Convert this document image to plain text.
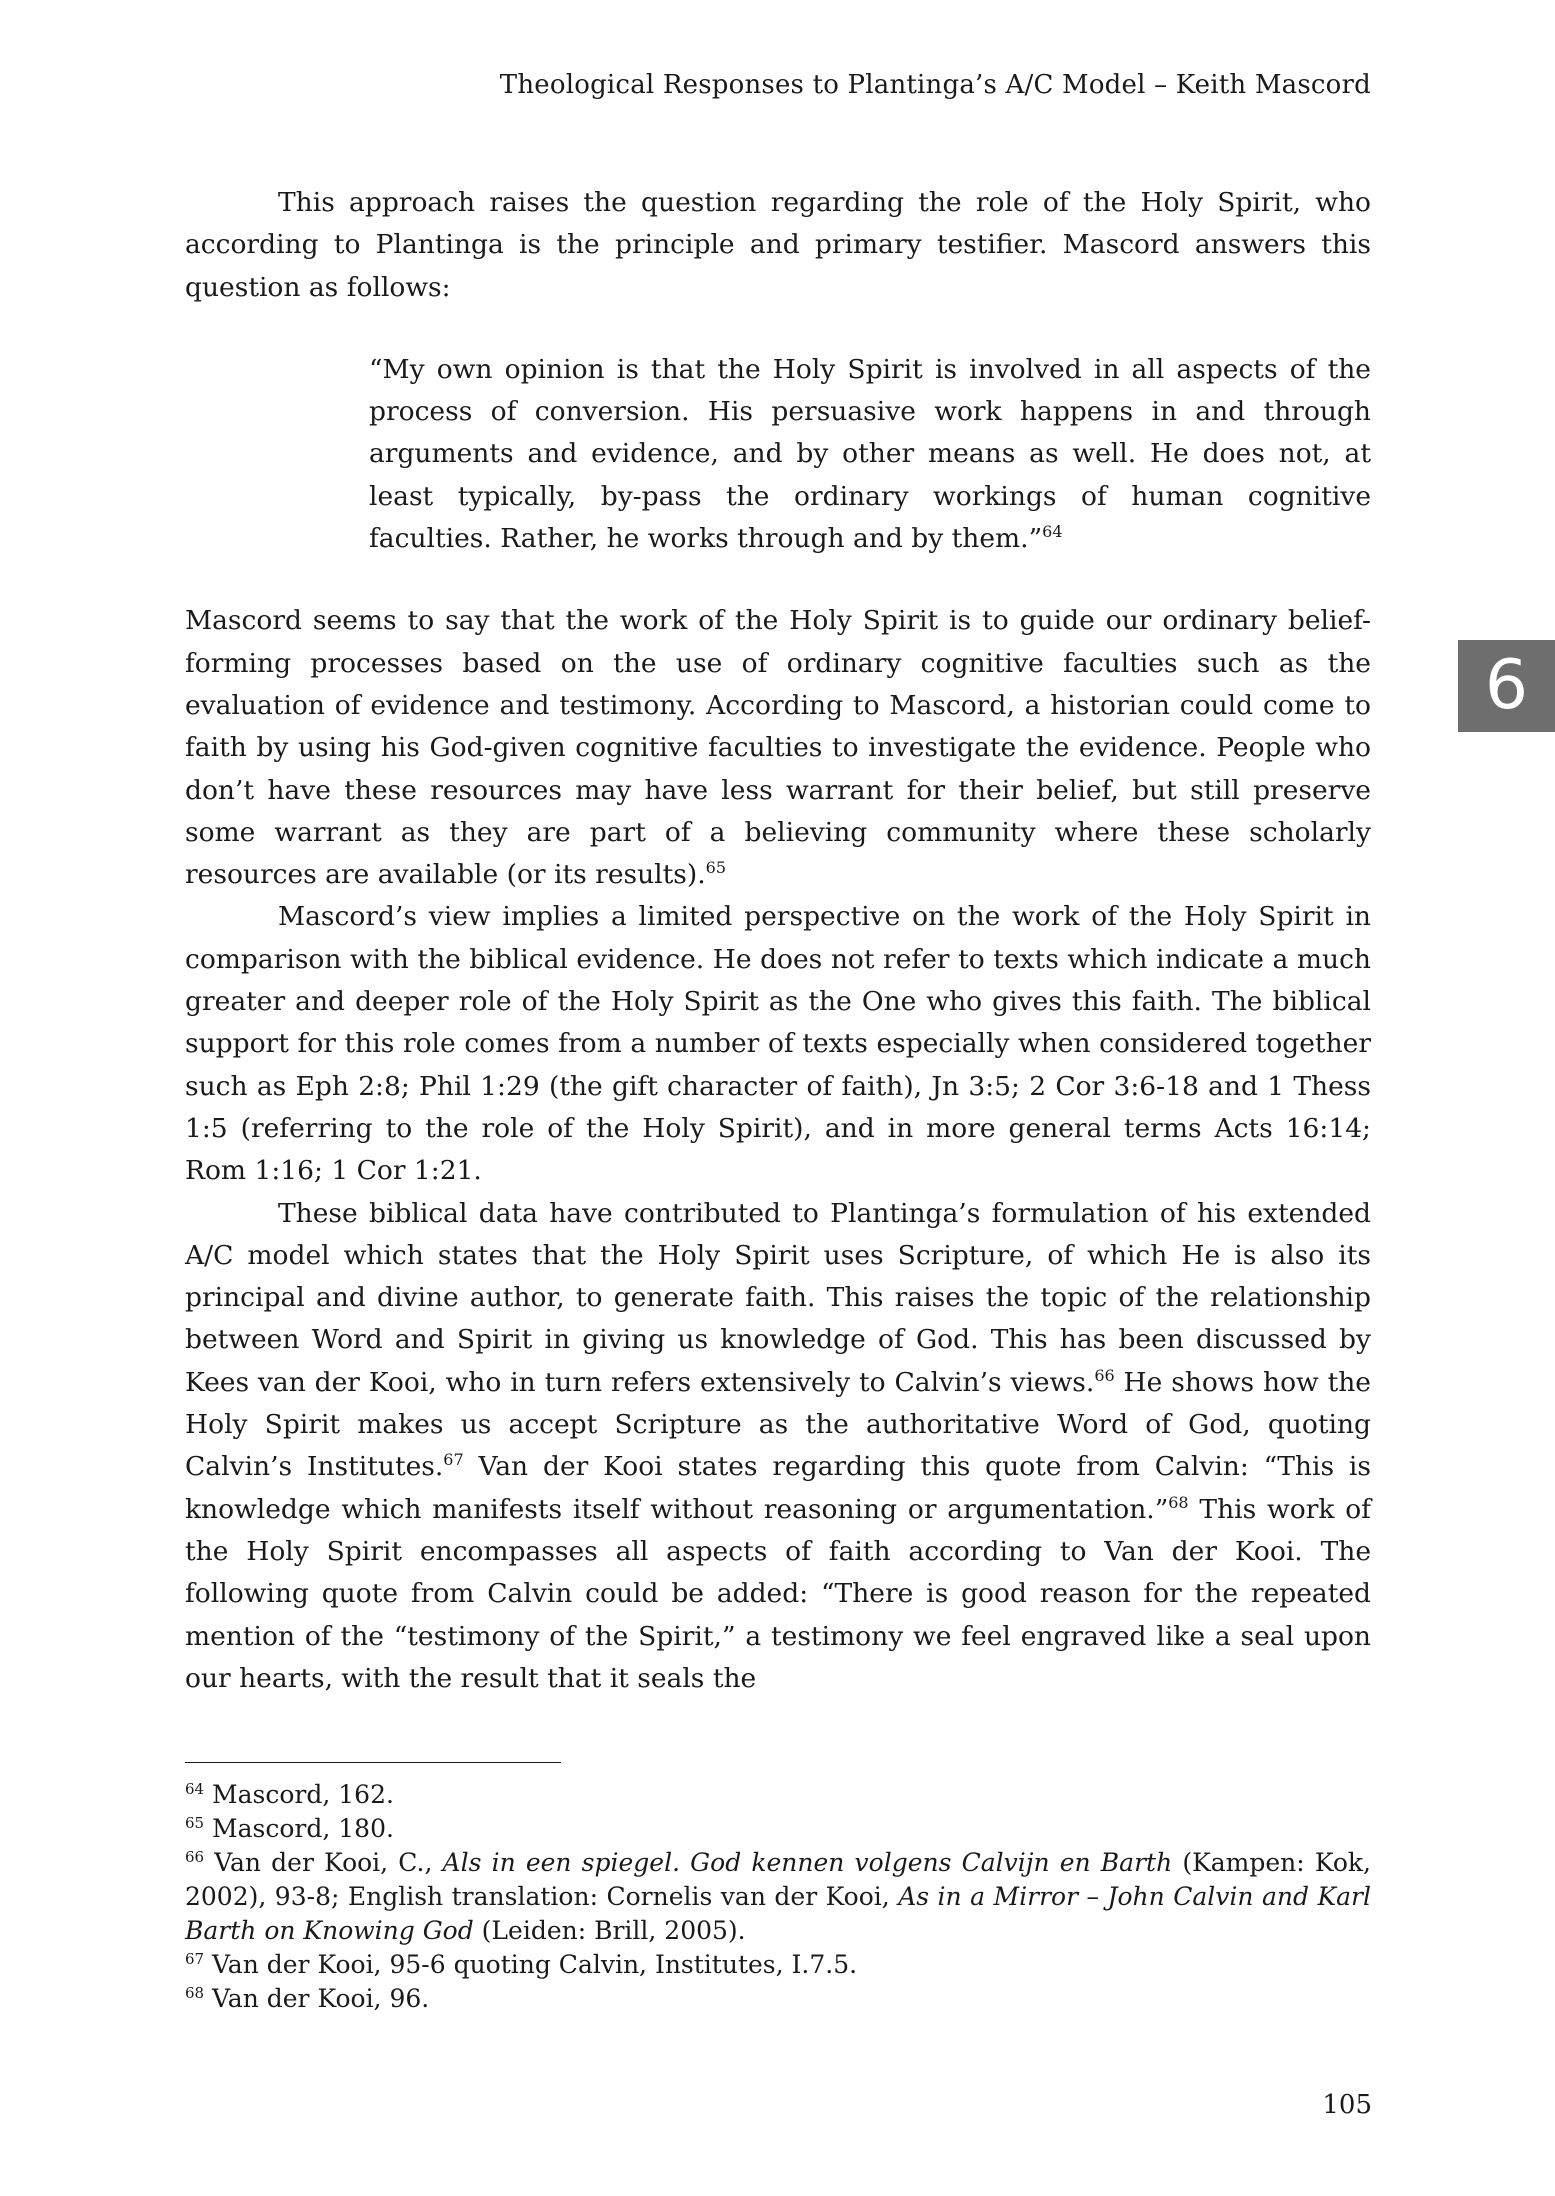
Theological Responses to Plantinga’s A/C Model – Keith Mascord
6

This approach raises the question regarding the role of the Holy Spirit, who according to Plantinga is the principle and primary testifier. Mascord answers this question as follows:

“My own opinion is that the Holy Spirit is involved in all aspects of the process of conversion. His persuasive work happens in and through arguments and evidence, and by other means as well. He does not, at least typically, by-pass the ordinary workings of human cognitive faculties. Rather, he works through and by them.”$^{64}$

Mascord seems to say that the work of the Holy Spirit is to guide our ordinary belief-forming processes based on the use of ordinary cognitive faculties such as the evaluation of evidence and testimony. According to Mascord, a historian could come to faith by using his God-given cognitive faculties to investigate the evidence. People who don’t have these resources may have less warrant for their belief, but still preserve some warrant as they are part of a believing community where these scholarly resources are available (or its results).$^{65}$

Mascord’s view implies a limited perspective on the work of the Holy Spirit in comparison with the biblical evidence. He does not refer to texts which indicate a much greater and deeper role of the Holy Spirit as the One who gives this faith. The biblical support for this role comes from a number of texts especially when considered together such as Eph 2:8; Phil 1:29 (the gift character of faith), Jn 3:5; 2 Cor 3:6-18 and 1 Thess 1:5 (referring to the role of the Holy Spirit), and in more general terms Acts 16:14; Rom 1:16; 1 Cor 1:21.

These biblical data have contributed to Plantinga’s formulation of his extended A/C model which states that the Holy Spirit uses Scripture, of which He is also its principal and divine author, to generate faith. This raises the topic of the relationship between Word and Spirit in giving us knowledge of God. This has been discussed by Kees van der Kooi, who in turn refers extensively to Calvin’s views.$^{66}$ He shows how the Holy Spirit makes us accept Scripture as the authoritative Word of God, quoting Calvin’s Institutes.$^{67}$ Van der Kooi states regarding this quote from Calvin: “This is knowledge which manifests itself without reasoning or argumentation.”$^{68}$ This work of the Holy Spirit encompasses all aspects of faith according to Van der Kooi. The following quote from Calvin could be added: “There is good reason for the repeated mention of the “testimony of the Spirit,” a testimony we feel engraved like a seal upon our hearts, with the result that it seals the

$^{64}$ Mascord, 162.

$^{65}$ Mascord, 180.

$^{66}$ Van der Kooi, C., Als in een spiegel. God kennen volgens Calvijn en Barth (Kampen: Kok, 2002), 93-8; English translation: Cornelis van der Kooi, As in a Mirror – John Calvin and Karl Barth on Knowing God (Leiden: Brill, 2005).

$^{67}$ Van der Kooi, 95-6 quoting Calvin, Institutes, I.7.5.

$^{68}$ Van der Kooi, 96.

105
